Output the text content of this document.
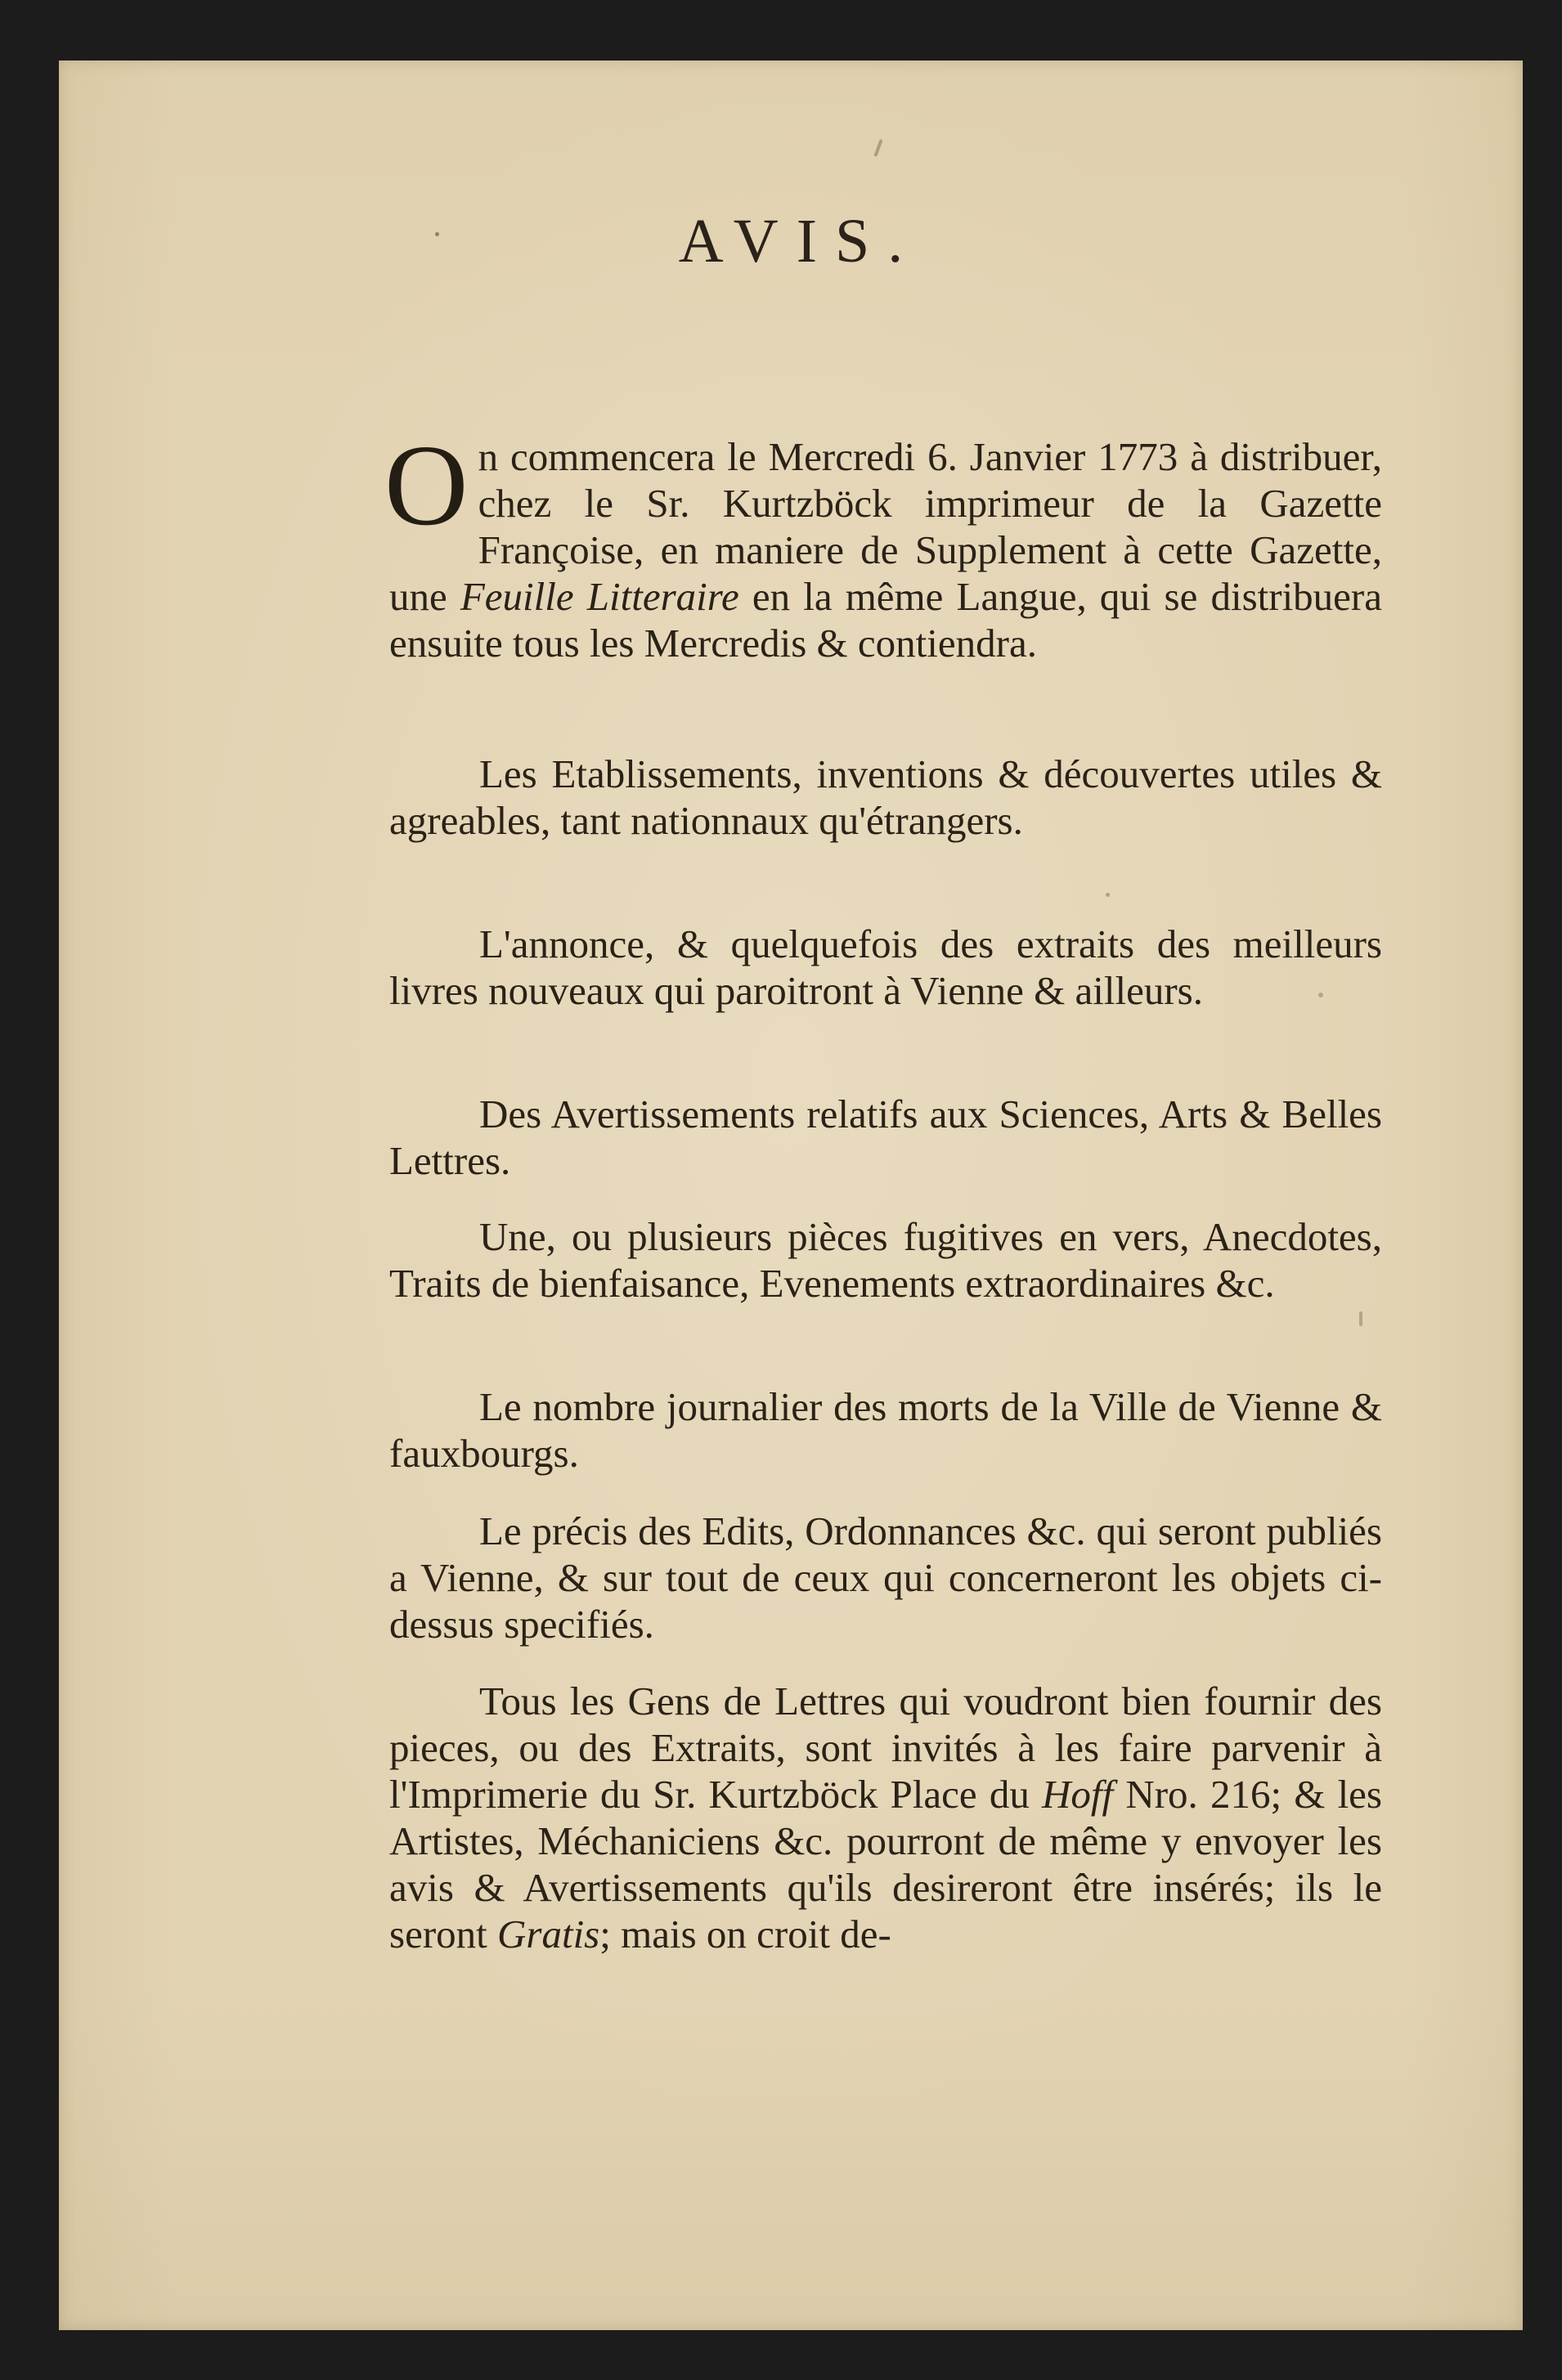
AVIS.

On commencera le Mercredi 6. Janvier 1773 à distribuer, chez le Sr. Kurtzböck imprimeur de la Gazette Françoise, en maniere de Supplement à cette Gazette, une Feuille Litteraire en la même Langue, qui se distribuera ensuite tous les Mercredis & contiendra.

Les Etablissements, inventions & découvertes utiles & agreables, tant nationnaux qu'étrangers.

L'annonce, & quelquefois des extraits des meilleurs livres nouveaux qui paroitront à Vienne & ailleurs.

Des Avertissements relatifs aux Sciences, Arts & Belles Lettres.

Une, ou plusieurs pièces fugitives en vers, Anecdotes, Traits de bienfaisance, Evenements extraordinaires &c.

Le nombre journalier des morts de la Ville de Vienne & fauxbourgs.

Le précis des Edits, Ordonnances &c. qui seront publiés a Vienne, & sur tout de ceux qui concerneront les objets ci-dessus specifiés.

Tous les Gens de Lettres qui voudront bien fournir des pieces, ou des Extraits, sont invités à les faire parvenir à l'Imprimerie du Sr. Kurtzböck Place du Hoff Nro. 216; & les Artistes, Méchaniciens &c. pourront de même y envoyer les avis & Avertissements qu'ils desireront être insérés; ils le seront Gratis; mais on croit de-
